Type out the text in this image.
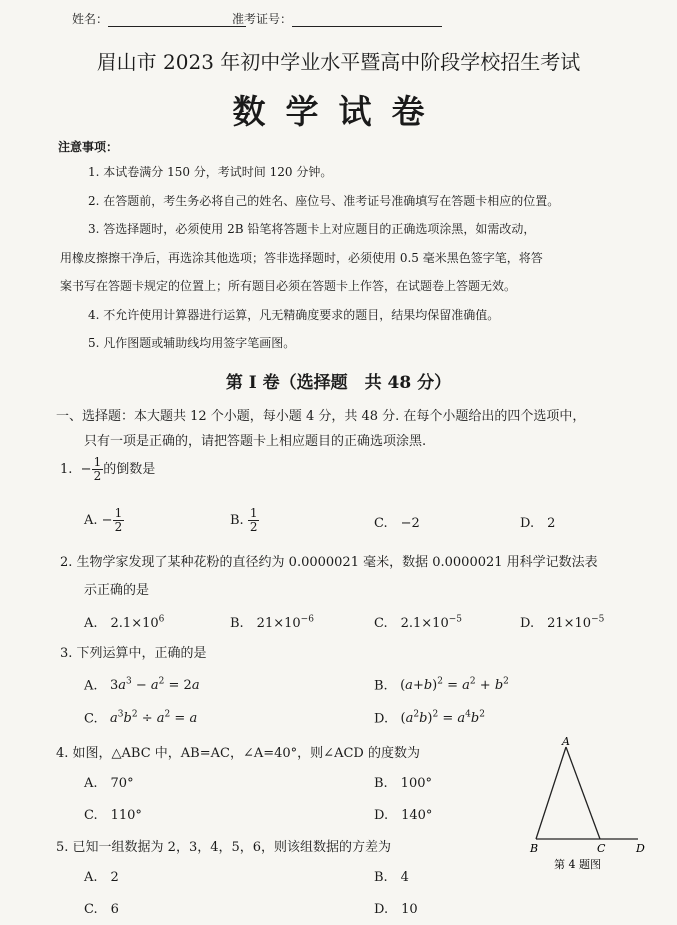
姓名：	准考证号：
眉山市 2023 年初中学业水平暨高中阶段学校招生考试
数学试卷
注意事项：
1. 本试卷满分 150 分，考试时间 120 分钟。
2. 在答题前，考生务必将自己的姓名、座位号、准考证号准确填写在答题卡相应的位置。
3. 答选择题时，必须使用 2B 铅笔将答题卡上对应题目的正确选项涂黑，如需改动，
用橡皮擦擦干净后，再选涂其他选项；答非选择题时，必须使用 0.5 毫米黑色签字笔，将答
案书写在答题卡规定的位置上；所有题目必须在答题卡上作答，在试题卷上答题无效。
4. 不允许使用计算器进行运算，凡无精确度要求的题目，结果均保留准确值。
5. 凡作图题或辅助线均用签字笔画图。
第 Ⅰ 卷（选择题　共 48 分）
一、选择题：本大题共 12 个小题，每小题 4 分，共 48 分. 在每个小题给出的四个选项中，
只有一项是正确的，请把答题卡上相应题目的正确选项涂黑.
1. − $\frac{1}{2}$ 的倒数是
A. − $\frac{1}{2}$	B. $\frac{1}{2}$	C.　−2	D.　2
2. 生物学家发现了某种花粉的直径约为 0.0000021 毫米，数据 0.0000021 用科学记数法表
示正确的是
A.　$2.1\times 10^6$	B.　$21\times 10^{-6}$	C.　$2.1\times 10^{-5}$	D.　$21\times 10^{-5}$
3. 下列运算中，正确的是
A. $3a^3 - a^2 = 2a$	B. $(a+b)^2 = a^2 + b^2$
C. $a^3b^2 \div a^2 = a$	D. $(a^2b)^2 = a^4b^2$
4. 如图，△ABC 中，AB=AC，∠A=40°，则∠ACD 的度数为
A.　70°	B.　100°
C.　110°	D.　140°
5. 已知一组数据为 2，3，4，5，6，则该组数据的方差为
A.　2	B.　4
C.　6	D.　10
A
B	C	D
第 4 题图
